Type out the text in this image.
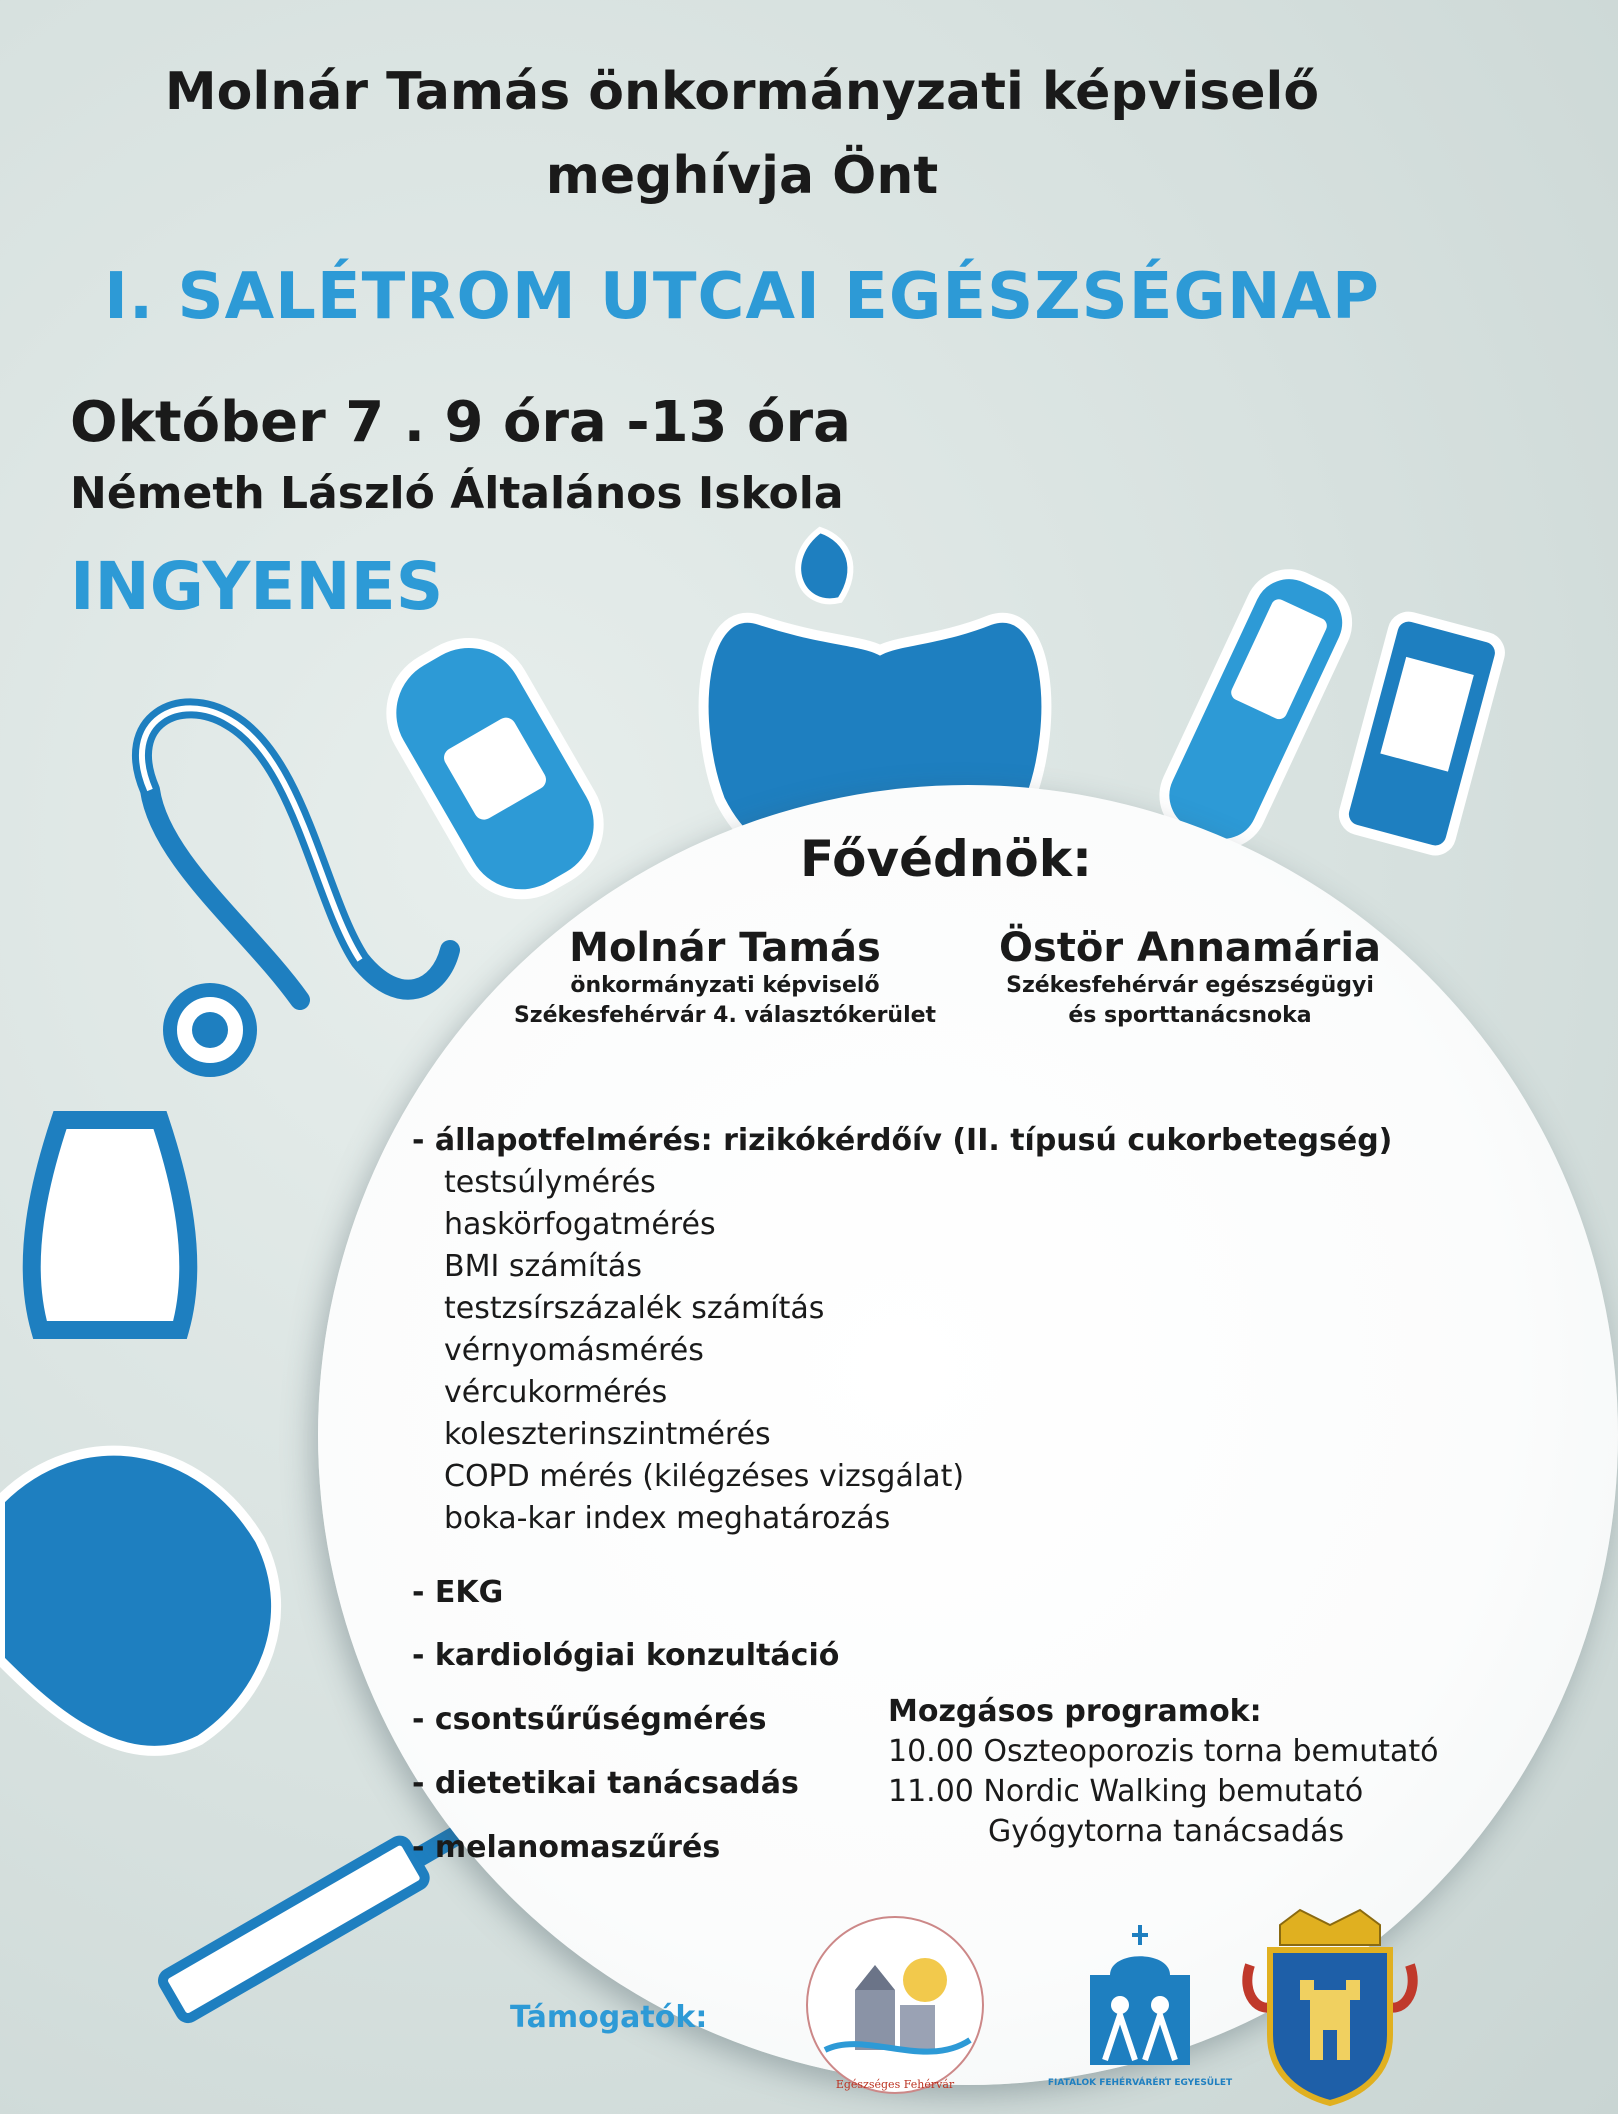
Molnár Tamás önkormányzati képviselő
meghívja Önt
I. SALÉTROM UTCAI EGÉSZSÉGNAP
Október 7 . 9 óra -13 óra
Németh László Általános Iskola
INGYENES
Fővédnök:
Molnár Tamás
önkormányzati képviselő
Székesfehérvár 4. választókerület
Östör Annamária
Székesfehérvár egészségügyi
és sporttanácsnoka
- állapotfelmérés: rizikókérdőív (II. típusú cukorbetegség)
testsúlymérés
haskörfogatmérés
BMI számítás
testzsírszázalék számítás
vérnyomásmérés
vércukormérés
koleszterinszintmérés
COPD mérés (kilégzéses vizsgálat)
boka-kar index meghatározás
- EKG
- kardiológiai konzultáció
- csontsűrűségmérés
- dietetikai tanácsadás
- melanomaszűrés
Mozgásos programok:
10.00 Oszteoporozis torna bemutató
11.00 Nordic Walking bemutató
Gyógytorna tanácsadás
Támogatók:
Egészséges Fehérvár	FIATALOK FEHÉRVÁRÉRT EGYESÜLET
